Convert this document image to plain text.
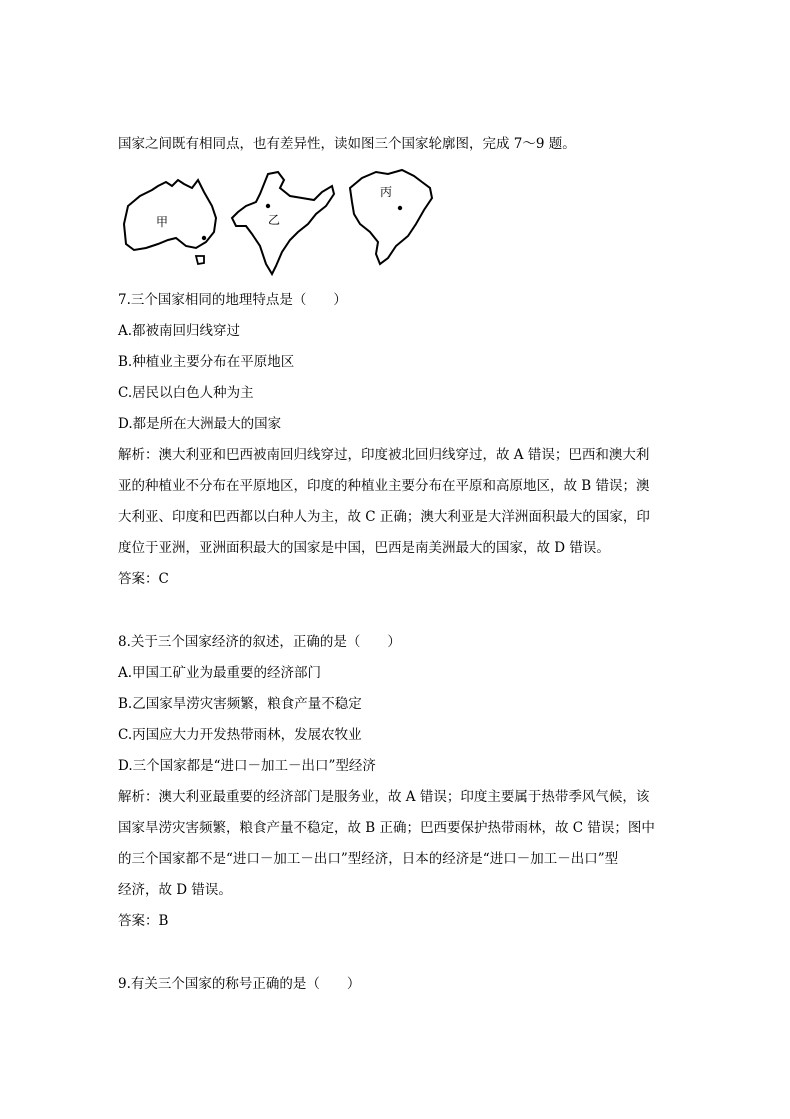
国家之间既有相同点，也有差异性，读如图三个国家轮廓图，完成 7～9 题。
甲	乙
丙
7.三个国家相同的地理特点是（　　）
A.都被南回归线穿过
B.种植业主要分布在平原地区
C.居民以白色人种为主
D.都是所在大洲最大的国家
解析：澳大利亚和巴西被南回归线穿过，印度被北回归线穿过，故 A 错误；巴西和澳大利
亚的种植业不分布在平原地区，印度的种植业主要分布在平原和高原地区，故 B 错误；澳
大利亚、印度和巴西都以白种人为主，故 C 正确；澳大利亚是大洋洲面积最大的国家，印
度位于亚洲，亚洲面积最大的国家是中国，巴西是南美洲最大的国家，故 D 错误。
答案：C
8.关于三个国家经济的叙述，正确的是（　　）
A.甲国工矿业为最重要的经济部门
B.乙国家旱涝灾害频繁，粮食产量不稳定
C.丙国应大力开发热带雨林，发展农牧业
D.三个国家都是“进口－加工－出口”型经济
解析：澳大利亚最重要的经济部门是服务业，故 A 错误；印度主要属于热带季风气候，该
国家旱涝灾害频繁，粮食产量不稳定，故 B 正确；巴西要保护热带雨林，故 C 错误；图中
的三个国家都不是“进口－加工－出口”型经济，日本的经济是“进口－加工－出口”型
经济，故 D 错误。
答案：B
9.有关三个国家的称号正确的是（　　）
